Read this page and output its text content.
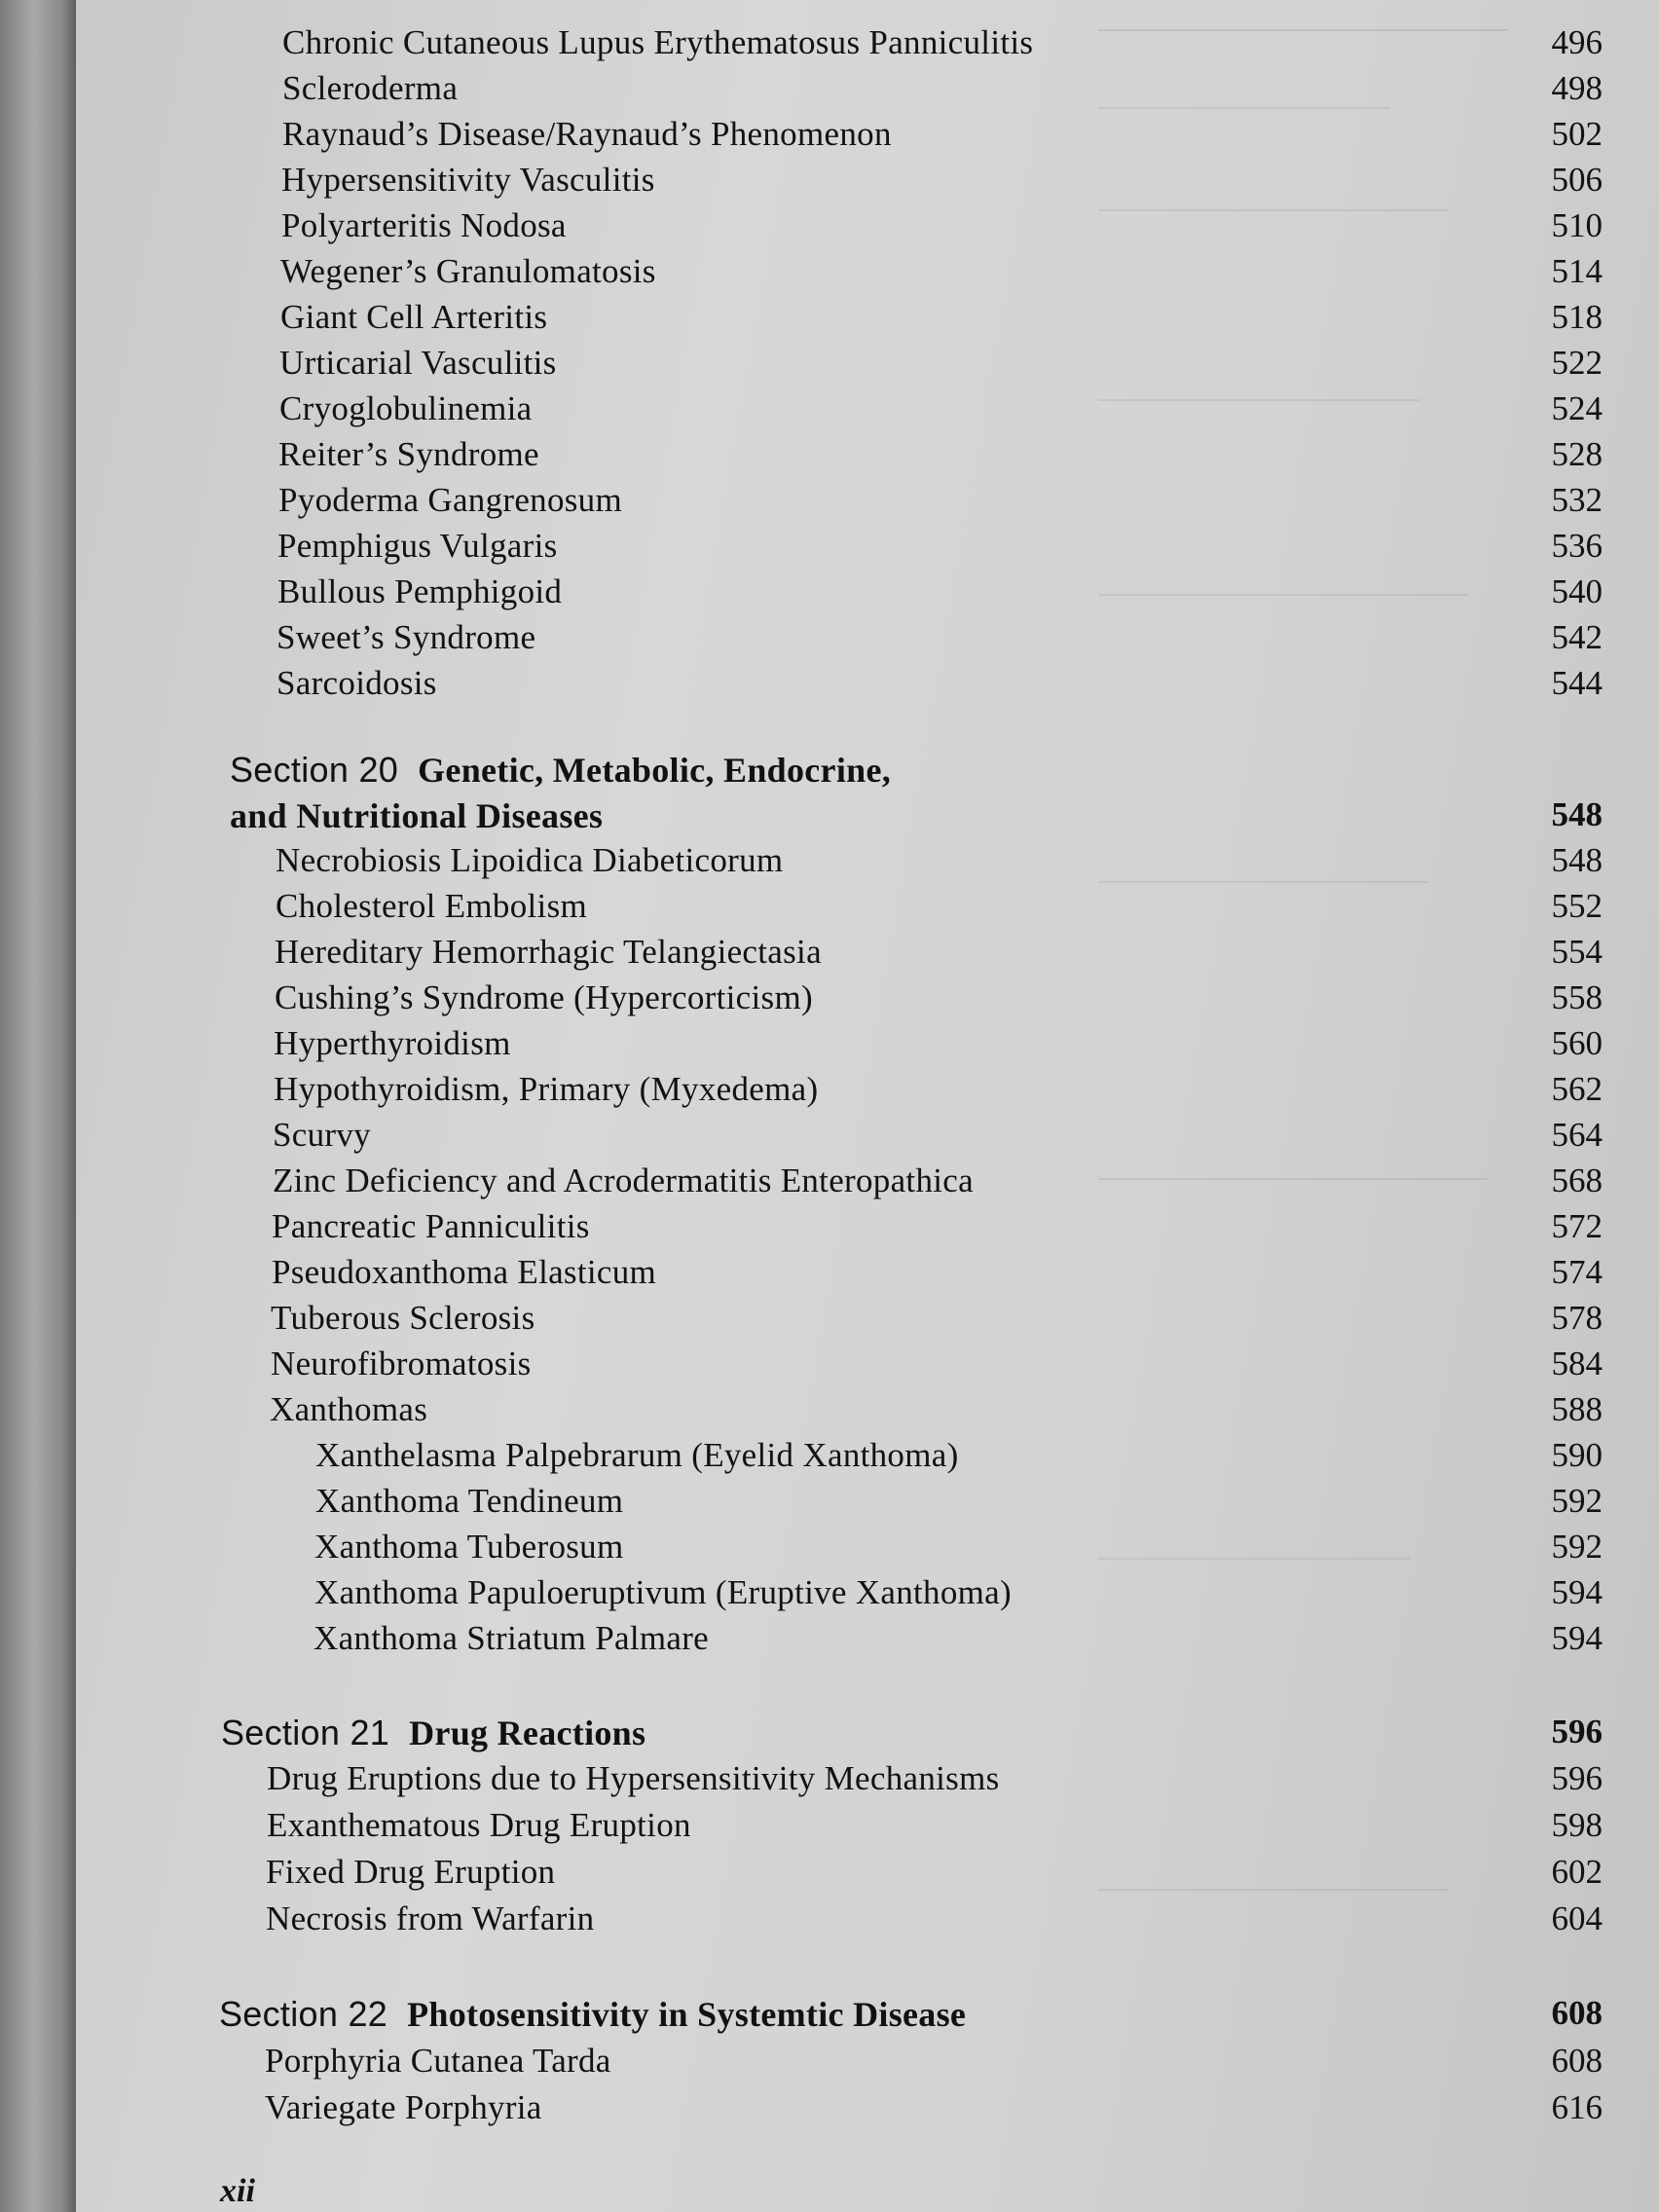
Chronic Cutaneous Lupus Erythematosus Panniculitis	496
Scleroderma	498
Raynaud’s Disease/Raynaud’s Phenomenon	502
Hypersensitivity Vasculitis	506
Polyarteritis Nodosa	510
Wegener’s Granulomatosis	514
Giant Cell Arteritis	518
Urticarial Vasculitis	522
Cryoglobulinemia	524
Reiter’s Syndrome	528
Pyoderma Gangrenosum	532
Pemphigus Vulgaris	536
Bullous Pemphigoid	540
Sweet’s Syndrome	542
Sarcoidosis	544
Section 20 Genetic, Metabolic, Endocrine,
and Nutritional Diseases	548
Necrobiosis Lipoidica Diabeticorum	548
Cholesterol Embolism	552
Hereditary Hemorrhagic Telangiectasia	554
Cushing’s Syndrome (Hypercorticism)	558
Hyperthyroidism	560
Hypothyroidism, Primary (Myxedema)	562
Scurvy	564
Zinc Deficiency and Acrodermatitis Enteropathica	568
Pancreatic Panniculitis	572
Pseudoxanthoma Elasticum	574
Tuberous Sclerosis	578
Neurofibromatosis	584
Xanthomas	588
Xanthelasma Palpebrarum (Eyelid Xanthoma)	590
Xanthoma Tendineum	592
Xanthoma Tuberosum	592
Xanthoma Papuloeruptivum (Eruptive Xanthoma)	594
Xanthoma Striatum Palmare	594
Section 21 Drug Reactions	596
Drug Eruptions due to Hypersensitivity Mechanisms	596
Exanthematous Drug Eruption	598
Fixed Drug Eruption	602
Necrosis from Warfarin	604
Section 22 Photosensitivity in Systemtic Disease	608
Porphyria Cutanea Tarda	608
Variegate Porphyria	616
xii
